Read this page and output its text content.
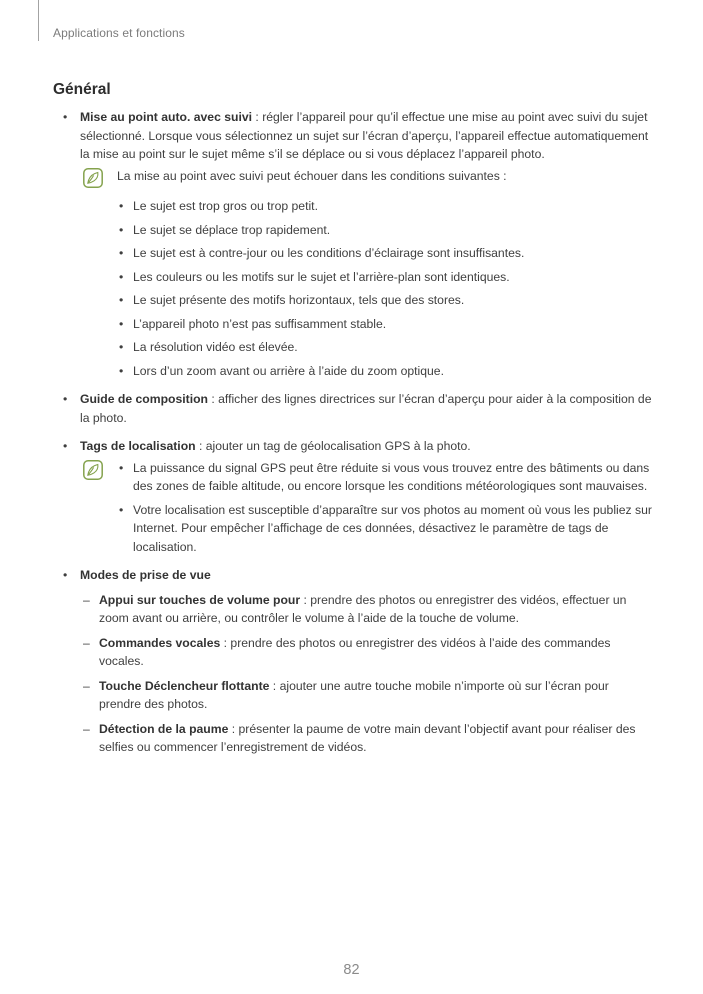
Applications et fonctions
Général
•	Mise au point auto. avec suivi : régler l’appareil pour qu’il effectue une mise au point avec suivi du sujet sélectionné. Lorsque vous sélectionnez un sujet sur l’écran d’aperçu, l’appareil effectue automatiquement la mise au point sur le sujet même s’il se déplace ou si vous déplacez l’appareil photo.
La mise au point avec suivi peut échouer dans les conditions suivantes :
• Le sujet est trop gros ou trop petit.
• Le sujet se déplace trop rapidement.
• Le sujet est à contre-jour ou les conditions d’éclairage sont insuffisantes.
• Les couleurs ou les motifs sur le sujet et l’arrière-plan sont identiques.
• Le sujet présente des motifs horizontaux, tels que des stores.
• L’appareil photo n’est pas suffisamment stable.
• La résolution vidéo est élevée.
• Lors d’un zoom avant ou arrière à l’aide du zoom optique.
•	Guide de composition : afficher des lignes directrices sur l’écran d’aperçu pour aider à la composition de la photo.
•	Tags de localisation : ajouter un tag de géolocalisation GPS à la photo.
• La puissance du signal GPS peut être réduite si vous vous trouvez entre des bâtiments ou dans des zones de faible altitude, ou encore lorsque les conditions météorologiques sont mauvaises.
• Votre localisation est susceptible d’apparaître sur vos photos au moment où vous les publiez sur Internet. Pour empêcher l’affichage de ces données, désactivez le paramètre de tags de localisation.
•	Modes de prise de vue
– Appui sur touches de volume pour : prendre des photos ou enregistrer des vidéos, effectuer un zoom avant ou arrière, ou contrôler le volume à l’aide de la touche de volume.
– Commandes vocales : prendre des photos ou enregistrer des vidéos à l’aide des commandes vocales.
– Touche Déclencheur flottante : ajouter une autre touche mobile n’importe où sur l’écran pour prendre des photos.
– Détection de la paume : présenter la paume de votre main devant l’objectif avant pour réaliser des selfies ou commencer l’enregistrement de vidéos.
82
